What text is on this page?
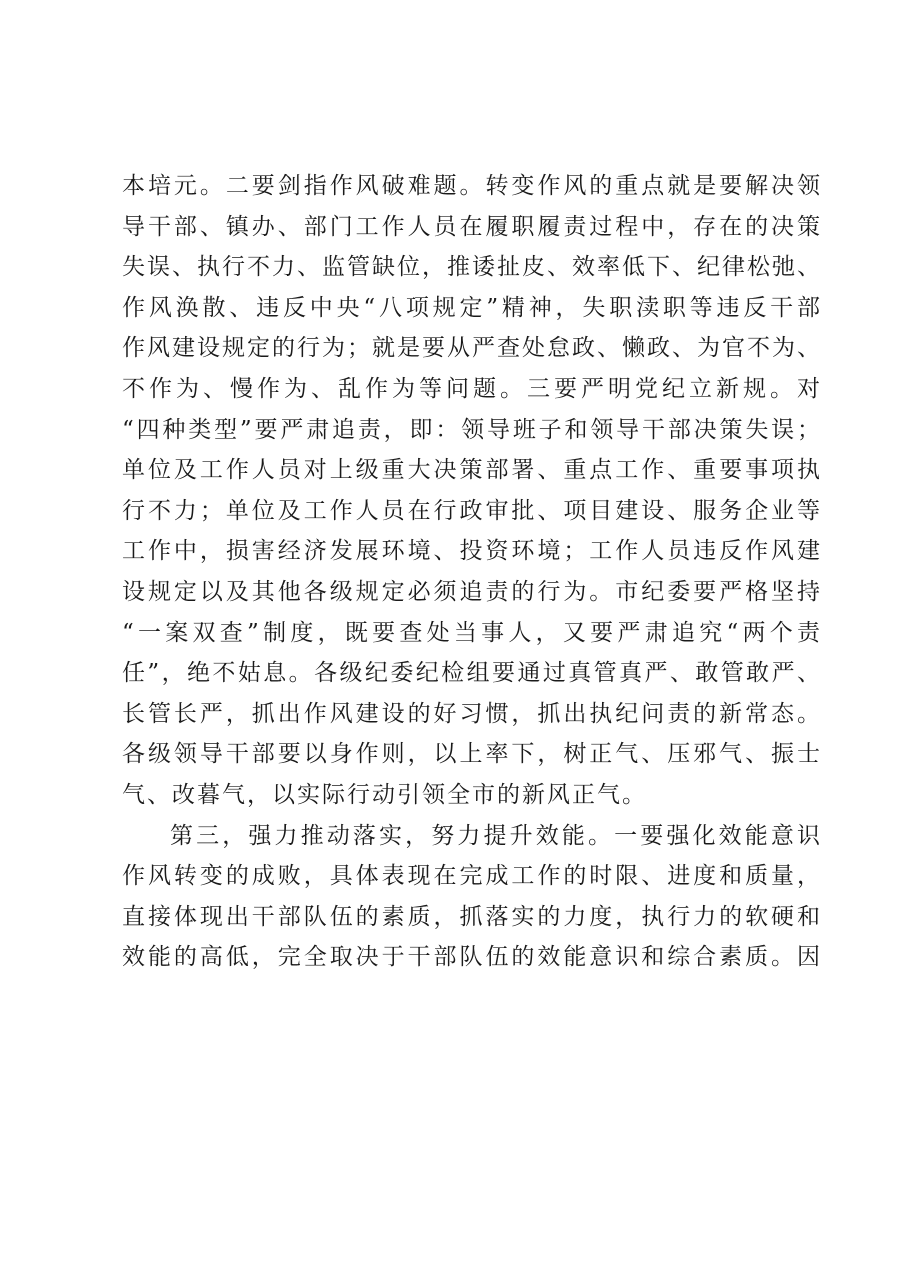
本培元。二要剑指作风破难题。转变作风的重点就是要解决领
导干部、镇办、部门工作人员在履职履责过程中，存在的决策
失误、执行不力、监管缺位，推诿扯皮、效率低下、纪律松弛、
作风涣散、违反中央“八项规定”精神，失职渎职等违反干部
作风建设规定的行为；就是要从严查处怠政、懒政、为官不为、
不作为、慢作为、乱作为等问题。三要严明党纪立新规。对
“四种类型”要严肃追责，即：领导班子和领导干部决策失误；
单位及工作人员对上级重大决策部署、重点工作、重要事项执
行不力；单位及工作人员在行政审批、项目建设、服务企业等
工作中，损害经济发展环境、投资环境；工作人员违反作风建
设规定以及其他各级规定必须追责的行为。市纪委要严格坚持
“一案双查”制度，既要查处当事人，又要严肃追究“两个责
任”，绝不姑息。各级纪委纪检组要通过真管真严、敢管敢严、
长管长严，抓出作风建设的好习惯，抓出执纪问责的新常态。
各级领导干部要以身作则，以上率下，树正气、压邪气、振士
气、改暮气，以实际行动引领全市的新风正气。
第三，强力推动落实，努力提升效能。一要强化效能意识
作风转变的成败，具体表现在完成工作的时限、进度和质量，
直接体现出干部队伍的素质，抓落实的力度，执行力的软硬和
效能的高低，完全取决于干部队伍的效能意识和综合素质。因
